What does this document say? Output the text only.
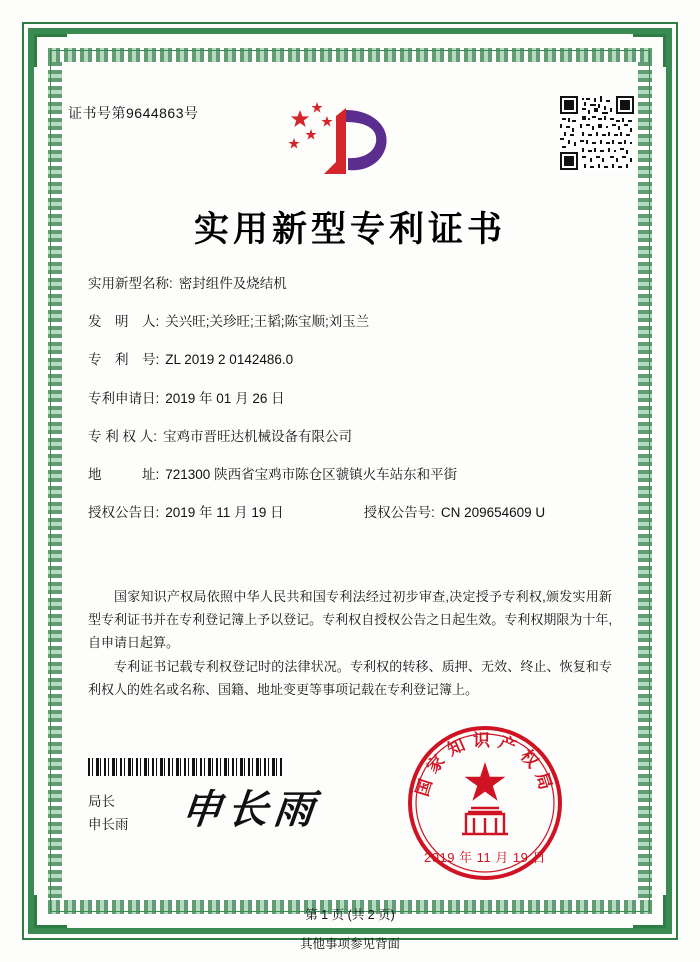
证书号第9644863号
实用新型专利证书
实用新型名称: 密封组件及烧结机
发　明　人: 关兴旺;关珍旺;王韬;陈宝顺;刘玉兰
专　利　号: ZL 2019 2 0142486.0
专利申请日: 2019 年 01 月 26 日
专 利 权 人: 宝鸡市晋旺达机械设备有限公司
地　　　址: 721300 陕西省宝鸡市陈仓区虢镇火车站东和平街
授权公告日: 2019 年 11 月 19 日	授权公告号: CN 209654609 U

国家知识产权局依照中华人民共和国专利法经过初步审查,决定授予专利权,颁发实用新型专利证书并在专利登记簿上予以登记。专利权自授权公告之日起生效。专利权期限为十年,自申请日起算。

专利证书记载专利权登记时的法律状况。专利权的转移、质押、无效、终止、恢复和专利权人的姓名或名称、国籍、地址变更等事项记载在专利登记簿上。

局长
申长雨 申长雨
国家知识产权局
2019 年 11 月 19 日
第 1 页 (共 2 页)
其他事项参见背面
